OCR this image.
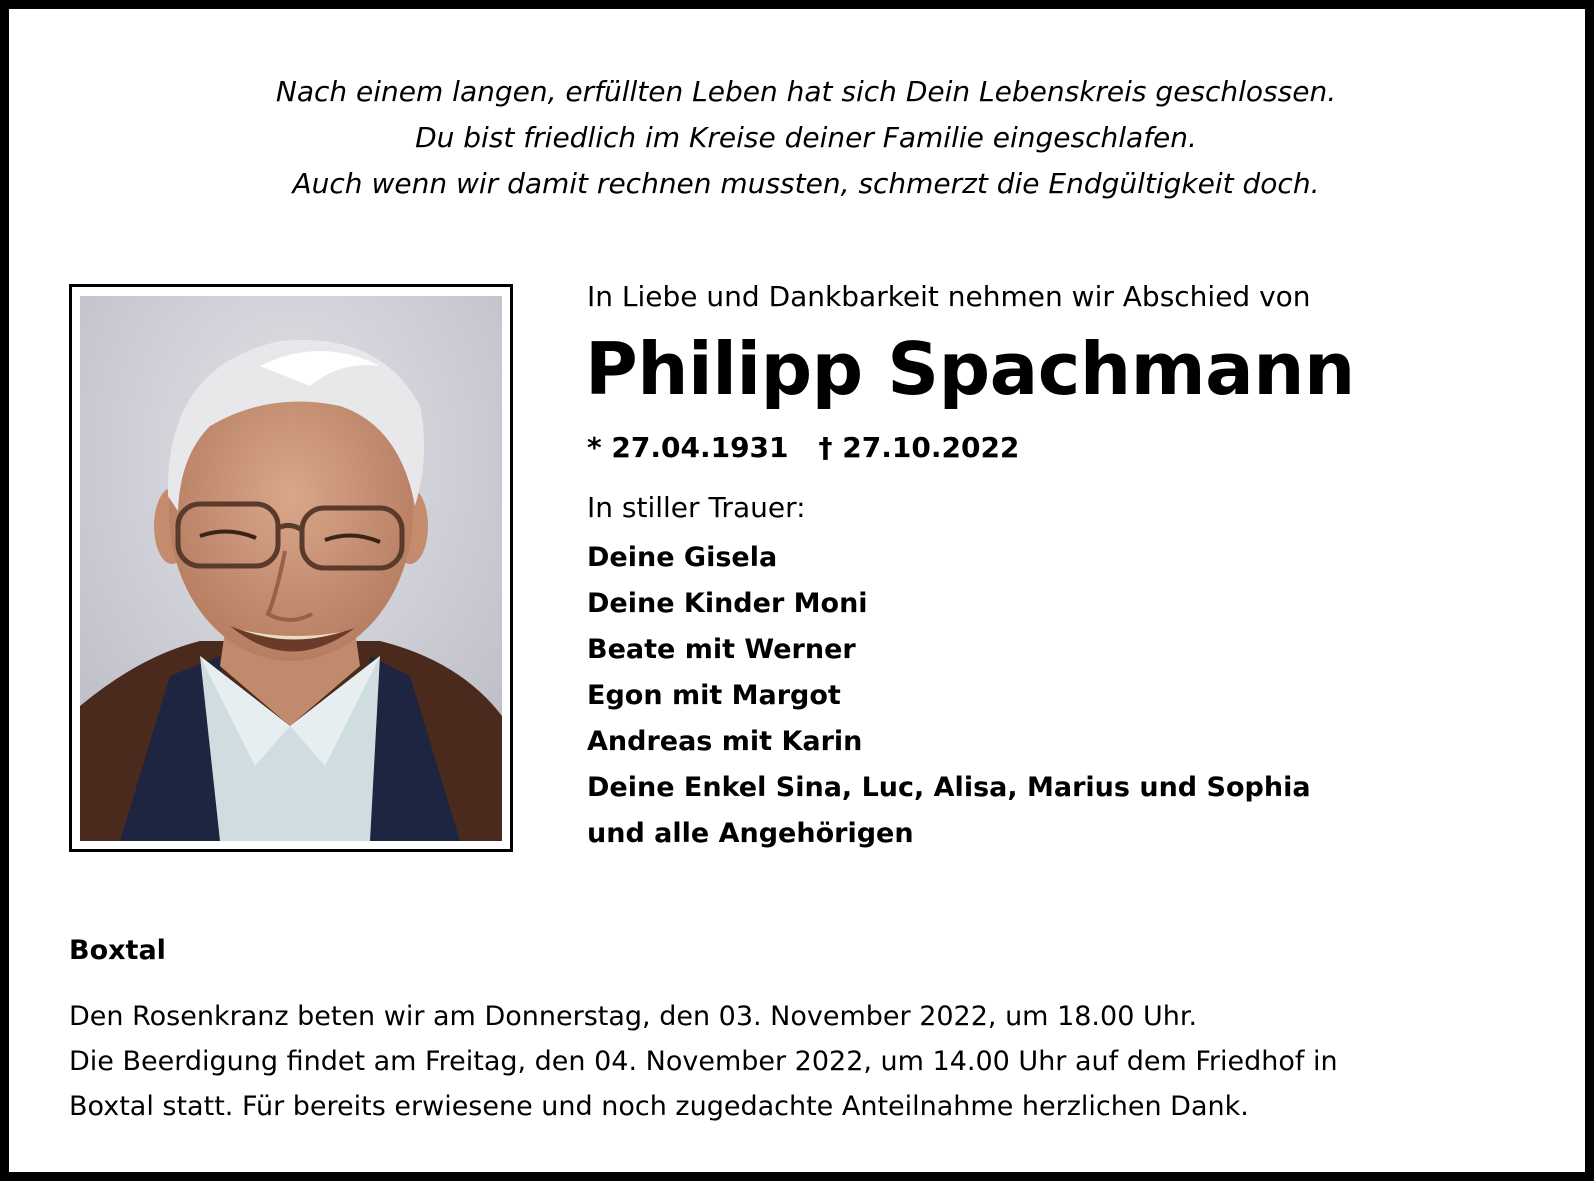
Nach einem langen, erfüllten Leben hat sich Dein Lebenskreis geschlossen.
Du bist friedlich im Kreise deiner Familie eingeschlafen.
Auch wenn wir damit rechnen mussten, schmerzt die Endgültigkeit doch.
In Liebe und Dankbarkeit nehmen wir Abschied von
Philipp Spachmann
* 27.04.1931 † 27.10.2022
In stiller Trauer:
Deine Gisela
Deine Kinder Moni
Beate mit Werner
Egon mit Margot
Andreas mit Karin
Deine Enkel Sina, Luc, Alisa, Marius und Sophia
und alle Angehörigen
Boxtal
Den Rosenkranz beten wir am Donnerstag, den 03. November 2022, um 18.00 Uhr.
Die Beerdigung findet am Freitag, den 04. November 2022, um 14.00 Uhr auf dem Friedhof in
Boxtal statt. Für bereits erwiesene und noch zugedachte Anteilnahme herzlichen Dank.
